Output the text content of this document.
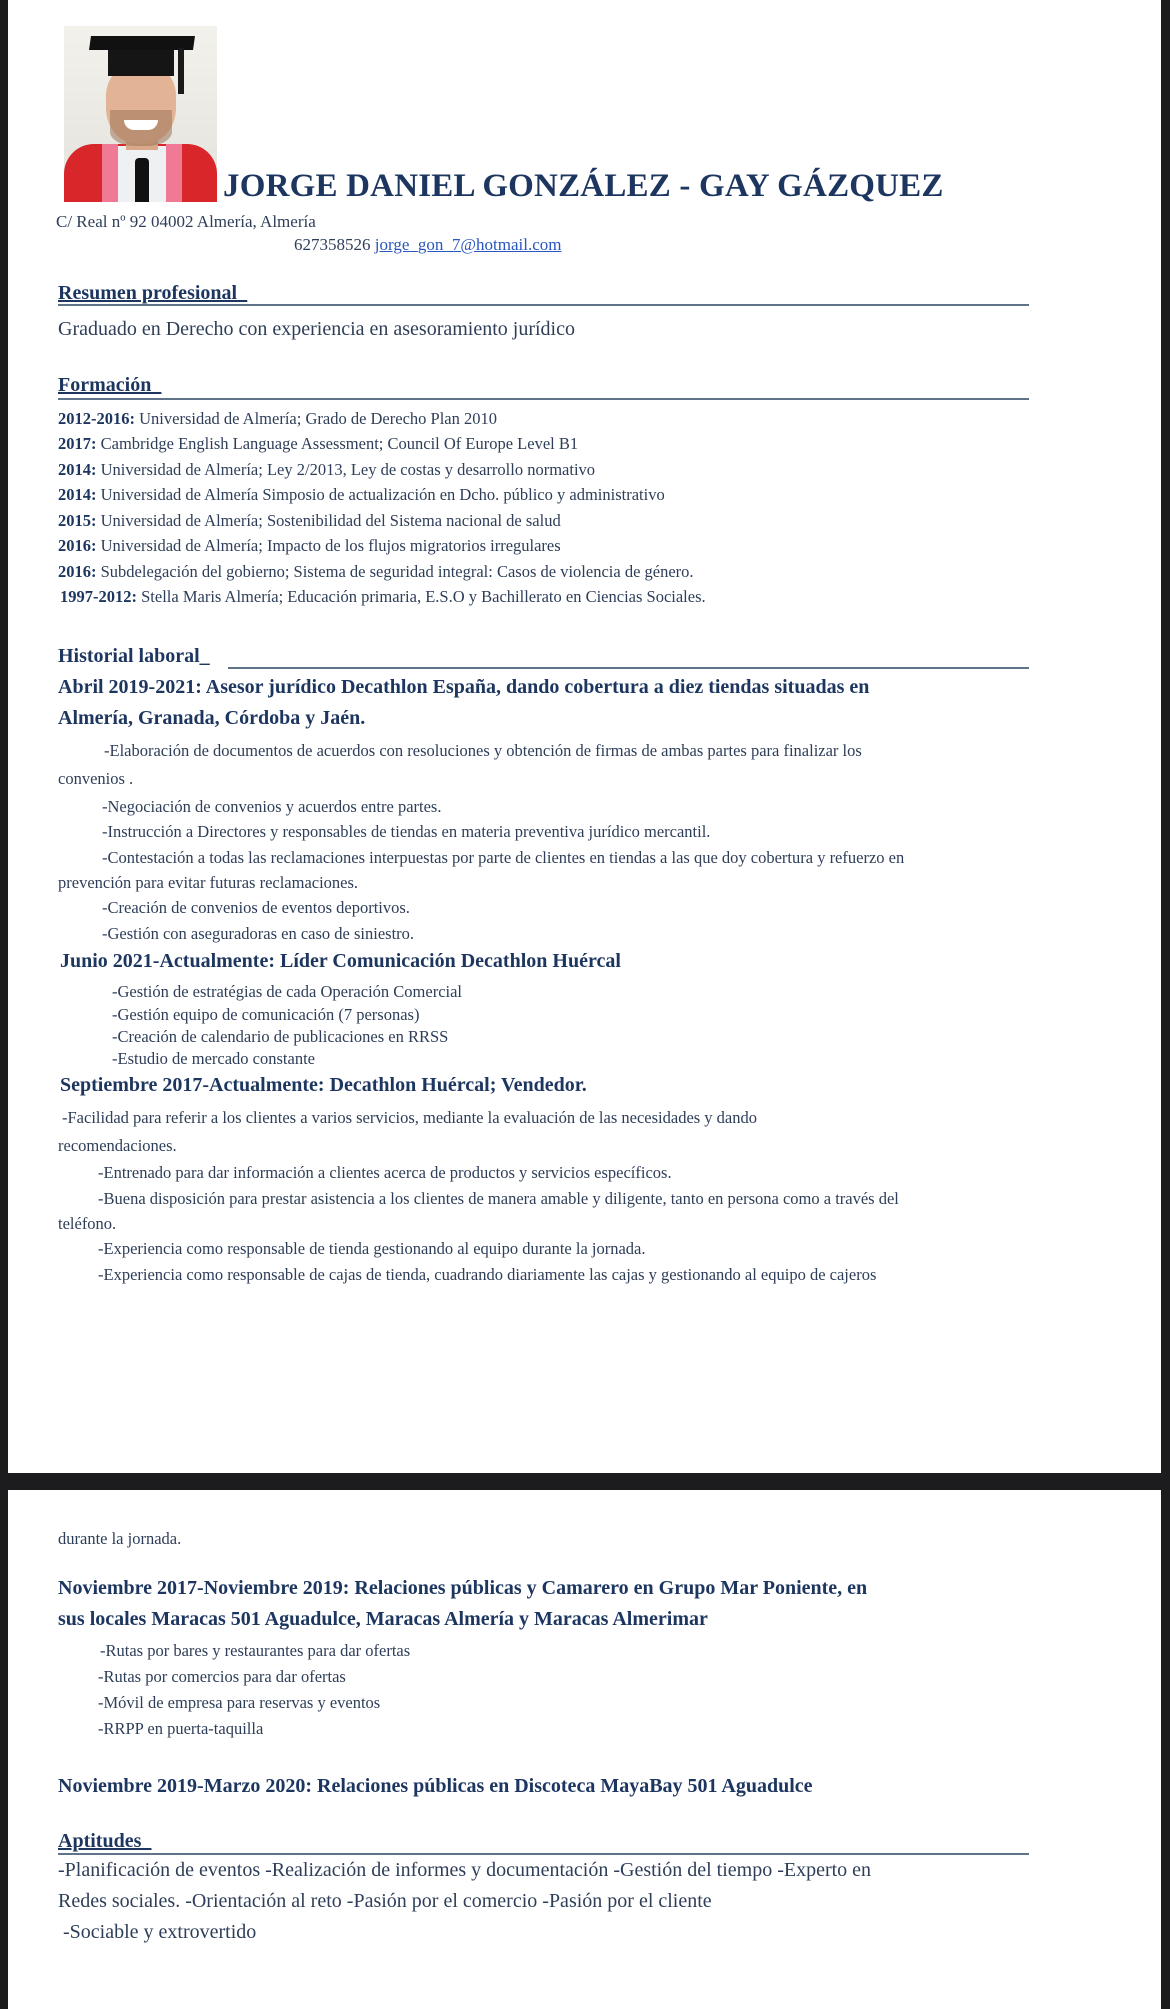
JORGE DANIEL GONZÁLEZ - GAY GÁZQUEZ
C/ Real nº 92 04002 Almería, Almería
627358526 jorge_gon_7@hotmail.com
Resumen profesional_
Graduado en Derecho con experiencia en asesoramiento jurídico
Formación_
2012-2016: Universidad de Almería; Grado de Derecho Plan 2010
2017: Cambridge English Language Assessment; Council Of Europe Level B1
2014: Universidad de Almería; Ley 2/2013, Ley de costas y desarrollo normativo
2014: Universidad de Almería Simposio de actualización en Dcho. público y administrativo
2015: Universidad de Almería; Sostenibilidad del Sistema nacional de salud
2016: Universidad de Almería; Impacto de los flujos migratorios irregulares
2016: Subdelegación del gobierno; Sistema de seguridad integral: Casos de violencia de género.
1997-2012: Stella Maris Almería; Educación primaria, E.S.O y Bachillerato en Ciencias Sociales.
Historial laboral_
Abril 2019-2021: Asesor jurídico Decathlon España, dando cobertura a diez tiendas situadas en
Almería, Granada, Córdoba y Jaén.
-Elaboración de documentos de acuerdos con resoluciones y obtención de firmas de ambas partes para finalizar los
convenios .
-Negociación de convenios y acuerdos entre partes.
-Instrucción a Directores y responsables de tiendas en materia preventiva jurídico mercantil.
-Contestación a todas las reclamaciones interpuestas por parte de clientes en tiendas a las que doy cobertura y refuerzo en
prevención para evitar futuras reclamaciones.
-Creación de convenios de eventos deportivos.
-Gestión con aseguradoras en caso de siniestro.
Junio 2021-Actualmente: Líder Comunicación Decathlon Huércal
-Gestión de estratégias de cada Operación Comercial
-Gestión equipo de comunicación (7 personas)
-Creación de calendario de publicaciones en RRSS
-Estudio de mercado constante
Septiembre 2017-Actualmente: Decathlon Huércal; Vendedor.
-Facilidad para referir a los clientes a varios servicios, mediante la evaluación de las necesidades y dando
recomendaciones.
-Entrenado para dar información a clientes acerca de productos y servicios específicos.
-Buena disposición para prestar asistencia a los clientes de manera amable y diligente, tanto en persona como a través del
teléfono.
-Experiencia como responsable de tienda gestionando al equipo durante la jornada.
-Experiencia como responsable de cajas de tienda, cuadrando diariamente las cajas y gestionando al equipo de cajeros
durante la jornada.
Noviembre 2017-Noviembre 2019: Relaciones públicas y Camarero en Grupo Mar Poniente, en
sus locales Maracas 501 Aguadulce, Maracas Almería y Maracas Almerimar
-Rutas por bares y restaurantes para dar ofertas
-Rutas por comercios para dar ofertas
-Móvil de empresa para reservas y eventos
-RRPP en puerta-taquilla
Noviembre 2019-Marzo 2020: Relaciones públicas en Discoteca MayaBay 501 Aguadulce
Aptitudes_
-Planificación de eventos -Realización de informes y documentación -Gestión del tiempo -Experto en
Redes sociales. -Orientación al reto -Pasión por el comercio -Pasión por el cliente
-Sociable y extrovertido
